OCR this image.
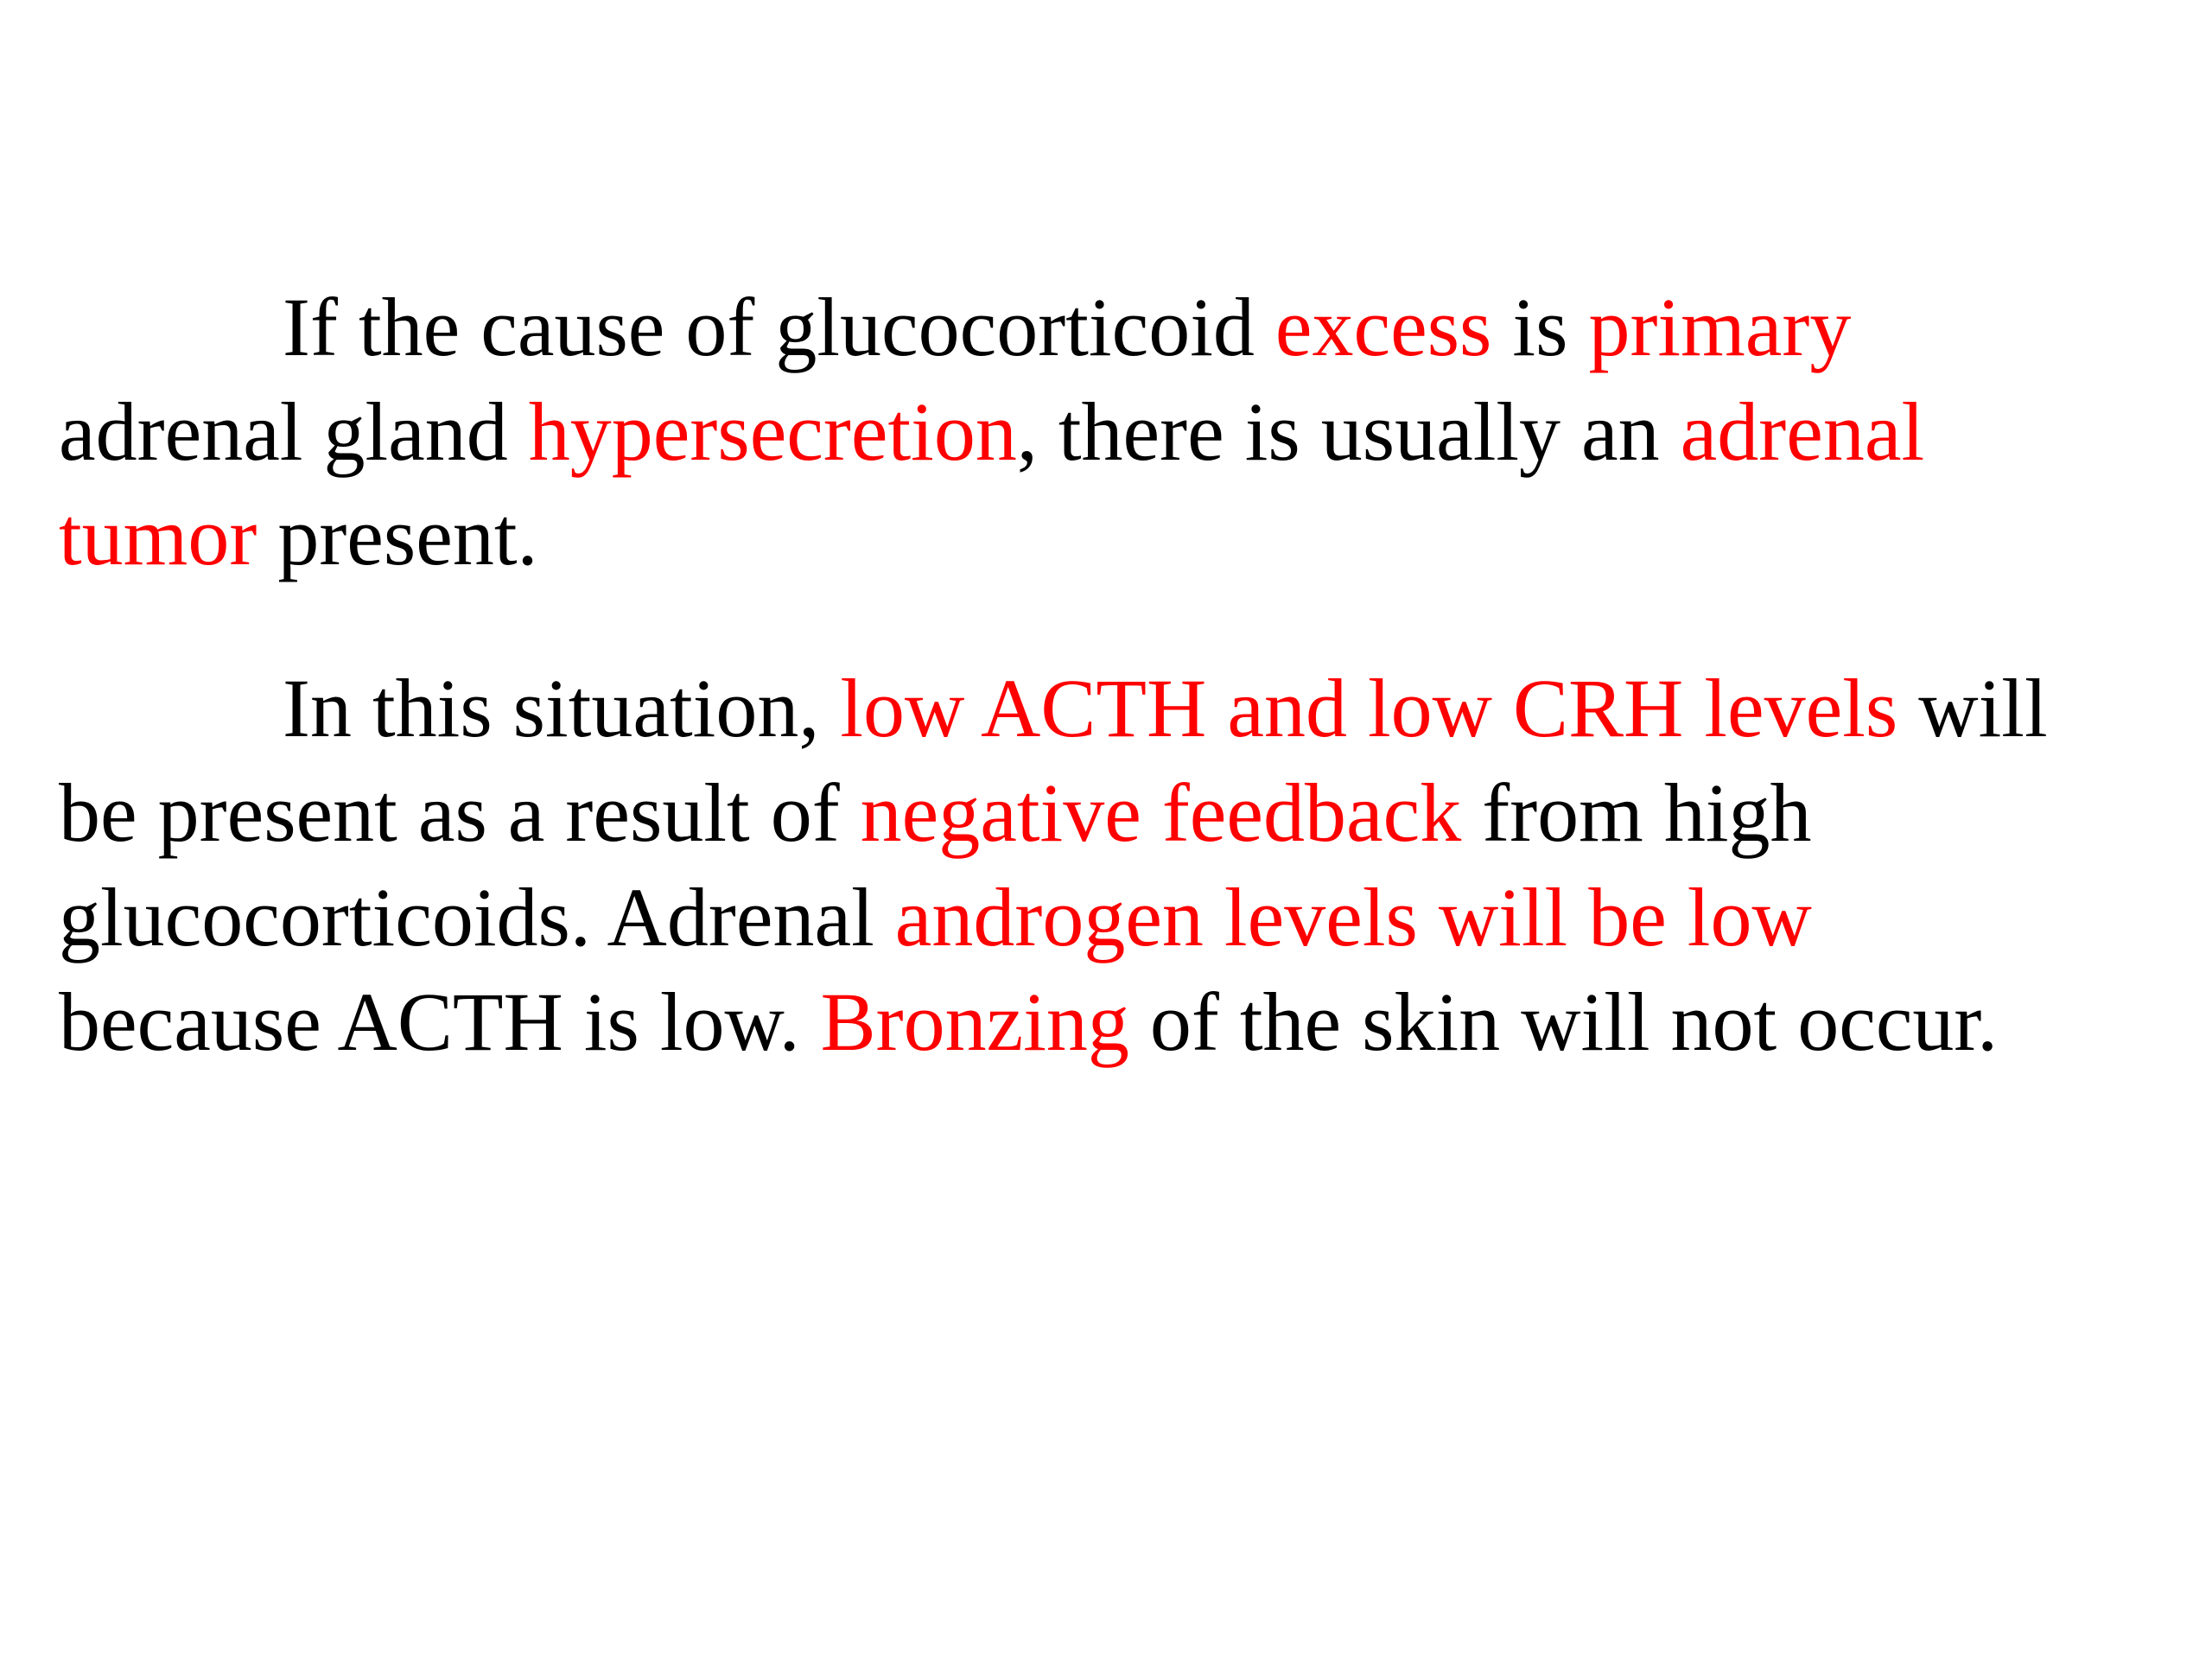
If the cause of glucocorticoid excess is primary
adrenal gland hypersecretion, there is usually an adrenal
tumor present.

In this situation, low ACTH and low CRH levels will
be present as a result of negative feedback from high
glucocorticoids. Adrenal androgen levels will be low
because ACTH is low. Bronzing of the skin will not occur.
